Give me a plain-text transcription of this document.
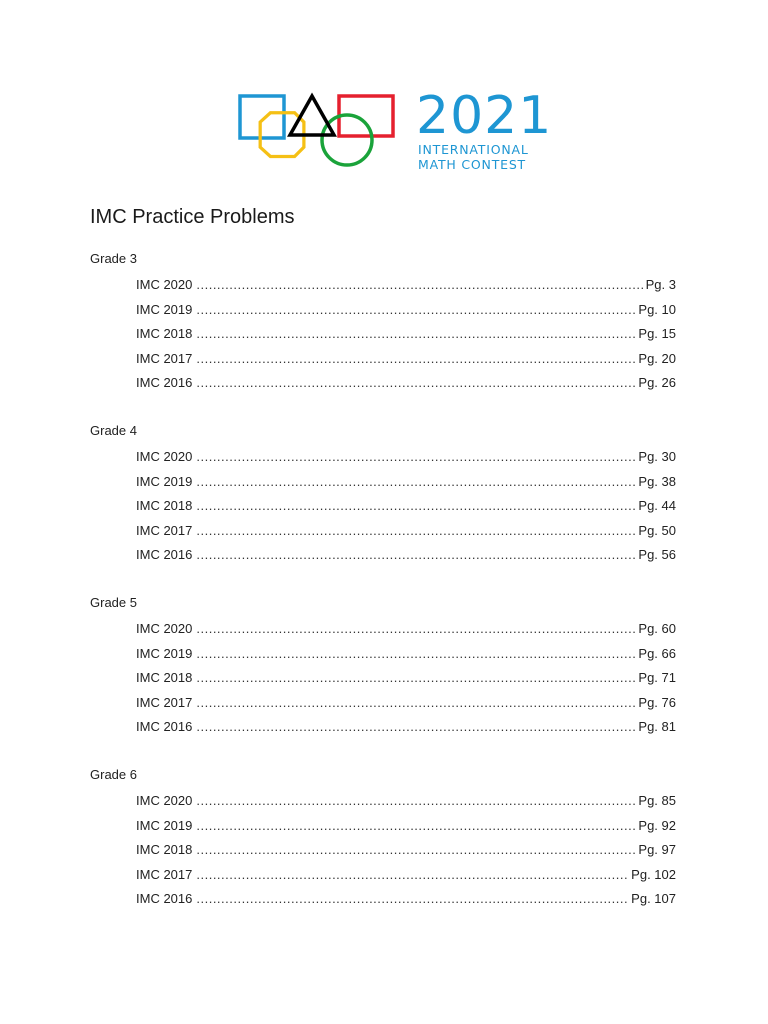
2021
INTERNATIONAL
MATH CONTEST
IMC Practice Problems
Grade 3
IMC 2020 .....	Pg. 3
IMC 2019 .....	Pg. 10
IMC 2018 .....	Pg. 15
IMC 2017 .....	Pg. 20
IMC 2016 .....	Pg. 26
Grade 4
IMC 2020 .....	Pg. 30
IMC 2019 .....	Pg. 38
IMC 2018 .....	Pg. 44
IMC 2017 .....	Pg. 50
IMC 2016 .....	Pg. 56
Grade 5
IMC 2020 .....	Pg. 60
IMC 2019 .....	Pg. 66
IMC 2018 .....	Pg. 71
IMC 2017 .....	Pg. 76
IMC 2016 .....	Pg. 81
Grade 6
IMC 2020 .....	Pg. 85
IMC 2019 .....	Pg. 92
IMC 2018 .....	Pg. 97
IMC 2017 .....	Pg. 102
IMC 2016 .....	Pg. 107
